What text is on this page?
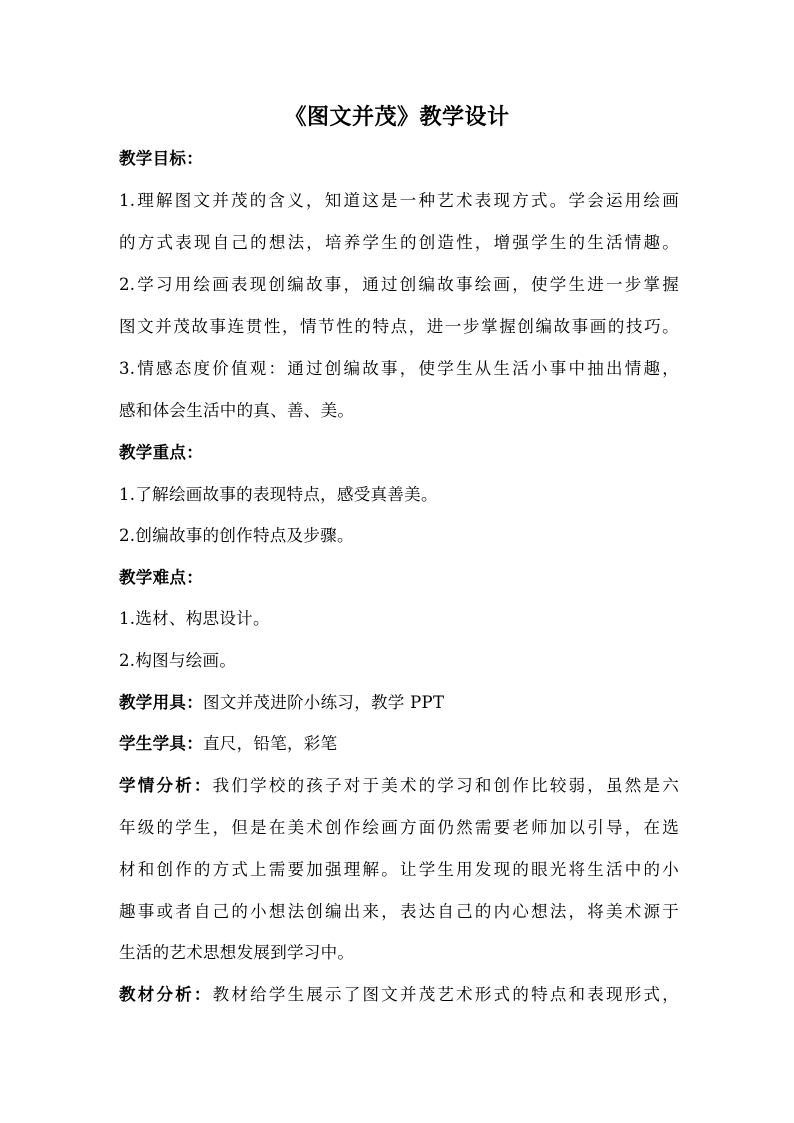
《图文并茂》教学设计
教学目标：
1.理解图文并茂的含义，知道这是一种艺术表现方式。学会运用绘画
的方式表现自己的想法，培养学生的创造性，增强学生的生活情趣。
2.学习用绘画表现创编故事，通过创编故事绘画，使学生进一步掌握
图文并茂故事连贯性，情节性的特点，进一步掌握创编故事画的技巧。
3.情感态度价值观：通过创编故事，使学生从生活小事中抽出情趣，
感和体会生活中的真、善、美。
教学重点：
1.了解绘画故事的表现特点，感受真善美。
2.创编故事的创作特点及步骤。
教学难点：
1.选材、构思设计。
2.构图与绘画。
教学用具：图文并茂进阶小练习，教学 PPT
学生学具：直尺，铅笔，彩笔
学情分析：我们学校的孩子对于美术的学习和创作比较弱，虽然是六
年级的学生，但是在美术创作绘画方面仍然需要老师加以引导，在选
材和创作的方式上需要加强理解。让学生用发现的眼光将生活中的小
趣事或者自己的小想法创编出来，表达自己的内心想法，将美术源于
生活的艺术思想发展到学习中。
教材分析：教材给学生展示了图文并茂艺术形式的特点和表现形式，
